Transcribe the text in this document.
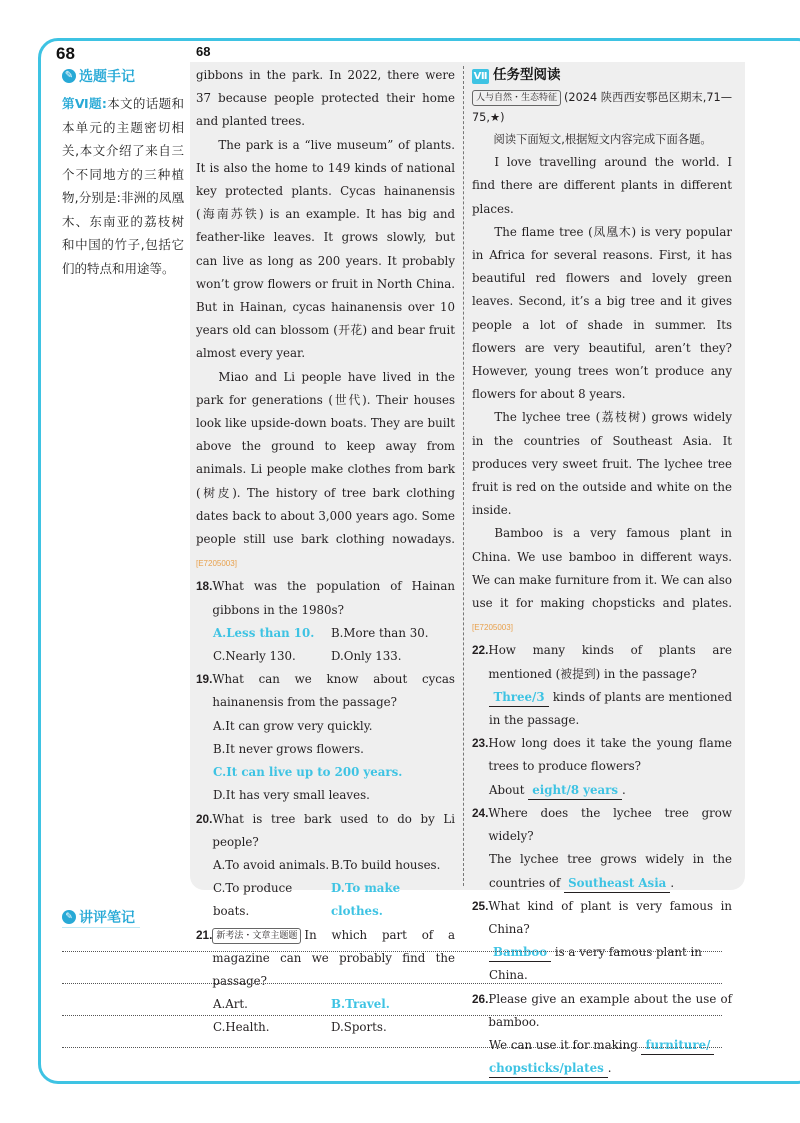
68
✎ 选题手记
第Ⅵ题:本文的话题和本单元的主题密切相关,本文介绍了来自三个不同地方的三种植物,分别是:非洲的凤凰木、东南亚的荔枝树和中国的竹子,包括它们的特点和用途等。
68

gibbons in the park. In 2022, there were 37 because people protected their home and planted trees.

The park is a “live museum” of plants. It is also the home to 149 kinds of national key protected plants. Cycas hainanensis (海南苏铁) is an example. It has big and feather-like leaves. It grows slowly, but can live as long as 200 years. It probably won’t grow flowers or fruit in North China. But in Hainan, cycas hainanensis over 10 years old can blossom (开花) and bear fruit almost every year.

Miao and Li people have lived in the park for generations (世代). Their houses look like upside-down boats. They are built above the ground to keep away from animals. Li people make clothes from bark (树皮). The history of tree bark clothing dates back to about 3,000 years ago. Some people still use bark clothing nowadays. [E7205003]

18. What was the population of Hainan gibbons in the 1980s?
A.Less than 10.	B.More than 30.
C.Nearly 130.	D.Only 133.
19. What can we know about cycas hainanensis from the passage?
A.It can grow very quickly.
B.It never grows flowers.
C.It can live up to 200 years.
D.It has very small leaves.
20. What is tree bark used to do by Li people?
A.To avoid animals. B.To build houses.
C.To produce boats.
D.To make clothes.
21. 新考法・文章主题题 In which part of a magazine can we probably find the passage?
A.Art.	B.Travel.
C.Health.	D.Sports.
Ⅶ 任务型阅读

人与自然・生态特征 (2024 陕西西安鄠邑区期末,71—75,★)

阅读下面短文,根据短文内容完成下面各题。

I love travelling around the world. I find there are different plants in different places.

The flame tree (凤凰木) is very popular in Africa for several reasons. First, it has beautiful red flowers and lovely green leaves. Second, it’s a big tree and it gives people a lot of shade in summer. Its flowers are very beautiful, aren’t they? However, young trees won’t produce any flowers for about 8 years.

The lychee tree (荔枝树) grows widely in the countries of Southeast Asia. It produces very sweet fruit. The lychee tree fruit is red on the outside and white on the inside.

Bamboo is a very famous plant in China. We use bamboo in different ways. We can make furniture from it. We can also use it for making chopsticks and plates. [E7205003]

22. How many kinds of plants are mentioned (被提到) in the passage?

Three/3 kinds of plants are mentioned in the passage.

23. How long does it take the young flame trees to produce flowers?

About eight/8 years .

24. Where does the lychee tree grow widely?

The lychee tree grows widely in the countries of Southeast Asia .

25. What kind of plant is very famous in China?

Bamboo is a very famous plant in China.

26. Please give an example about the use of bamboo.

We can use it for making furniture/
chopsticks/plates .

✎ 讲评笔记
